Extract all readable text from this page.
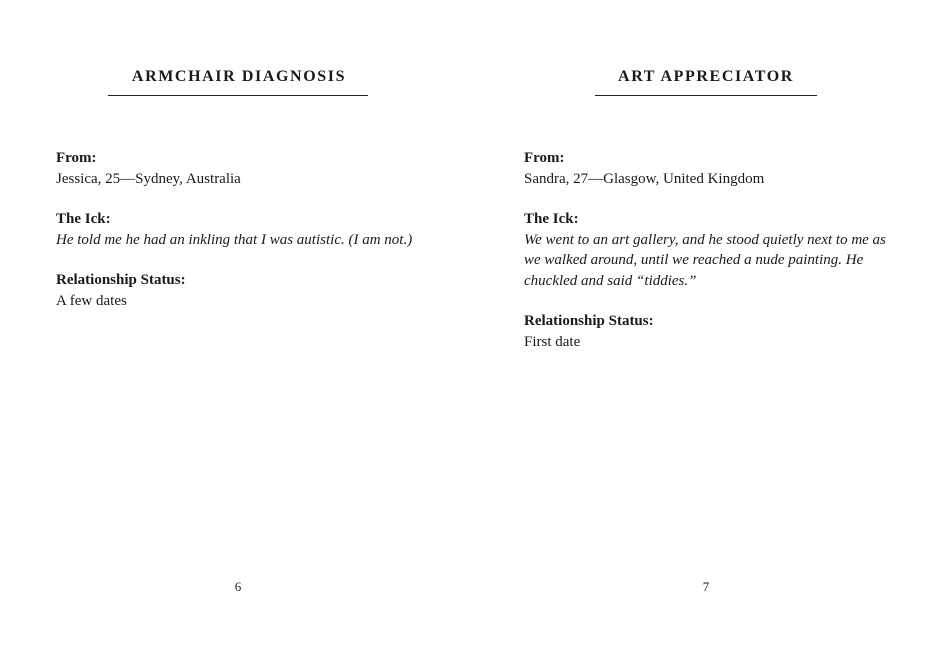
ARMCHAIR DIAGNOSIS
From:
Jessica, 25—Sydney, Australia
The Ick:
He told me he had an inkling that I was autistic. (I am not.)
Relationship Status:
A few dates
6
ART APPRECIATOR
From:
Sandra, 27—Glasgow, United Kingdom
The Ick:
We went to an art gallery, and he stood quietly next to me as we walked around, until we reached a nude painting. He chuckled and said “tiddies.”
Relationship Status:
First date
7
